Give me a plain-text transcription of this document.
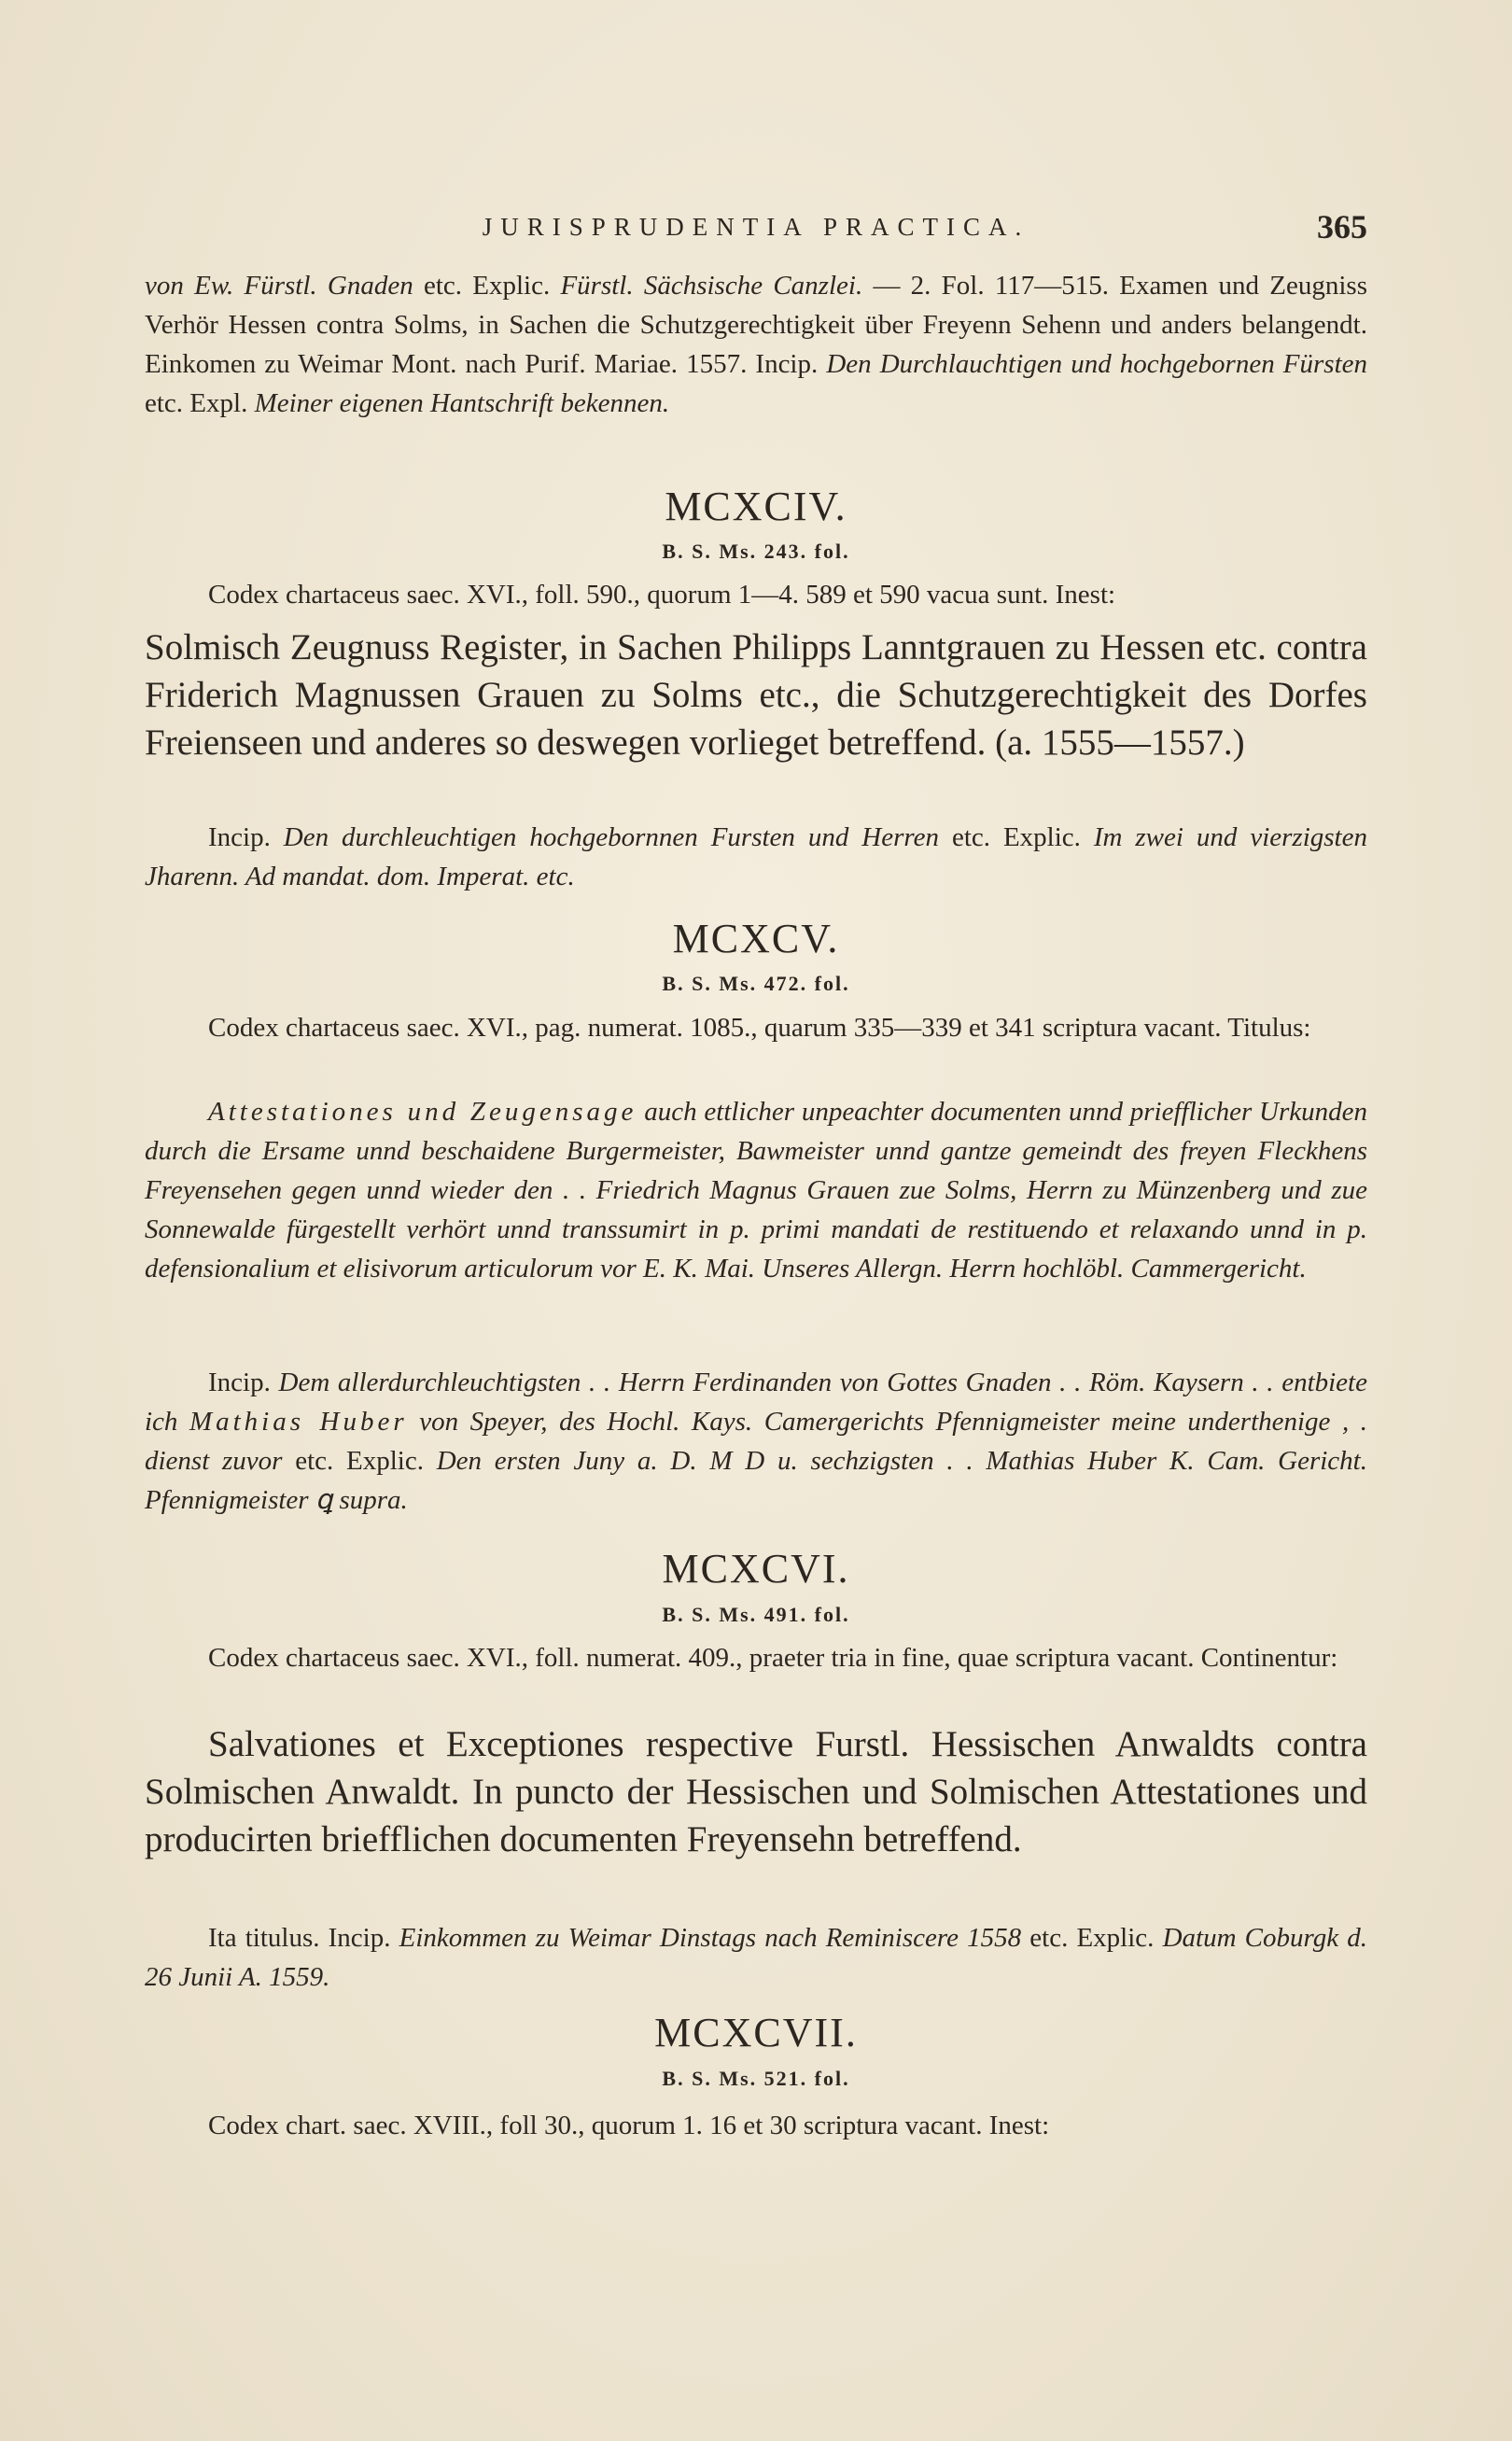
JURISPRUDENTIA PRACTICA.	365

von Ew. Fürstl. Gnaden etc. Explic. Fürstl. Sächsische Canzlei. — 2. Fol. 117—515. Examen und Zeugniss Verhör Hessen contra Solms, in Sachen die Schutzgerechtigkeit über Freyenn Sehenn und anders belangendt. Einkomen zu Weimar Mont. nach Purif. Mariae. 1557. Incip. Den Durchlauchtigen und hochgebornen Fürsten etc. Expl. Meiner eigenen Hantschrift bekennen.

MCXCIV.
B. S. Ms. 243. fol.

Codex chartaceus saec. XVI., foll. 590., quorum 1—4. 589 et 590 vacua sunt. Inest:

Solmisch Zeugnuss Register, in Sachen Philipps Lanntgrauen zu Hessen etc. contra Friderich Magnussen Grauen zu Solms etc., die Schutzgerechtigkeit des Dorfes Freienseen und anderes so deswegen vorlieget betreffend. (a. 1555—1557.)

Incip. Den durchleuchtigen hochgebornnen Fursten und Herren etc. Explic. Im zwei und vierzigsten Jharenn. Ad mandat. dom. Imperat. etc.

MCXCV.
B. S. Ms. 472. fol.

Codex chartaceus saec. XVI., pag. numerat. 1085., quarum 335—339 et 341 scriptura vacant. Titulus:

Attestationes und Zeugensage auch ettlicher unpeachter documenten unnd priefflicher Urkunden durch die Ersame unnd beschaidene Burgermeister, Bawmeister unnd gantze gemeindt des freyen Fleckhens Freyensehen gegen unnd wieder den . . Friedrich Magnus Grauen zue Solms, Herrn zu Münzenberg und zue Sonnewalde fürgestellt verhört unnd transsumirt in p. primi mandati de restituendo et relaxando unnd in p. defensionalium et elisivorum articulorum vor E. K. Mai. Unseres Allergn. Herrn hochlöbl. Cammergericht.

Incip. Dem allerdurchleuchtigsten . . Herrn Ferdinanden von Gottes Gnaden . . Röm. Kaysern . . entbiete ich Mathias Huber von Speyer, des Hochl. Kays. Camergerichts Pfennigmeister meine underthenige , . dienst zuvor etc. Explic. Den ersten Juny a. D. M D u. sechzigsten . . Mathias Huber K. Cam. Gericht. Pfennigmeister ꝗ supra.

MCXCVI.
B. S. Ms. 491. fol.

Codex chartaceus saec. XVI., foll. numerat. 409., praeter tria in fine, quae scriptura vacant. Continentur:

Salvationes et Exceptiones respective Furstl. Hessischen Anwaldts contra Solmischen Anwaldt. In puncto der Hessischen und Solmischen Attestationes und producirten briefflichen documenten Freyensehn betreffend.

Ita titulus. Incip. Einkommen zu Weimar Dinstags nach Reminiscere 1558 etc. Explic. Datum Coburgk d. 26 Junii A. 1559.

MCXCVII.
B. S. Ms. 521. fol.

Codex chart. saec. XVIII., foll 30., quorum 1. 16 et 30 scriptura vacant. Inest:
